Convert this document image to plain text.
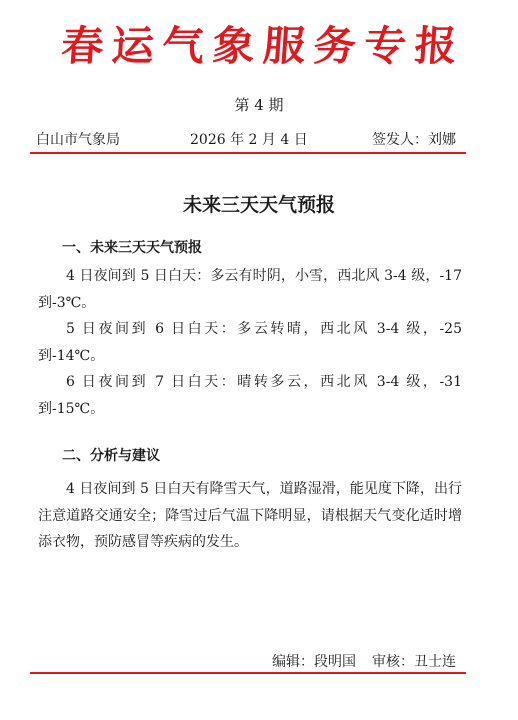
春运气象服务专报
第 4 期
白山市气象局	2026 年 2 月 4 日	签发人：刘娜
未来三天天气预报
一、未来三天天气预报

4 日夜间到 5 日白天：多云有时阴，小雪，西北风 3-4 级，-17 到-3℃。

5 日夜间到 6 日白天：多云转晴，西北风 3-4 级，-25 到-14℃。

6 日夜间到 7 日白天：晴转多云，西北风 3-4 级，-31 到-15℃。

二、分析与建议

4 日夜间到 5 日白天有降雪天气，道路湿滑，能见度下降，出行注意道路交通安全；降雪过后气温下降明显，请根据天气变化适时增添衣物，预防感冒等疾病的发生。

编辑：段明国 审核：丑士连
